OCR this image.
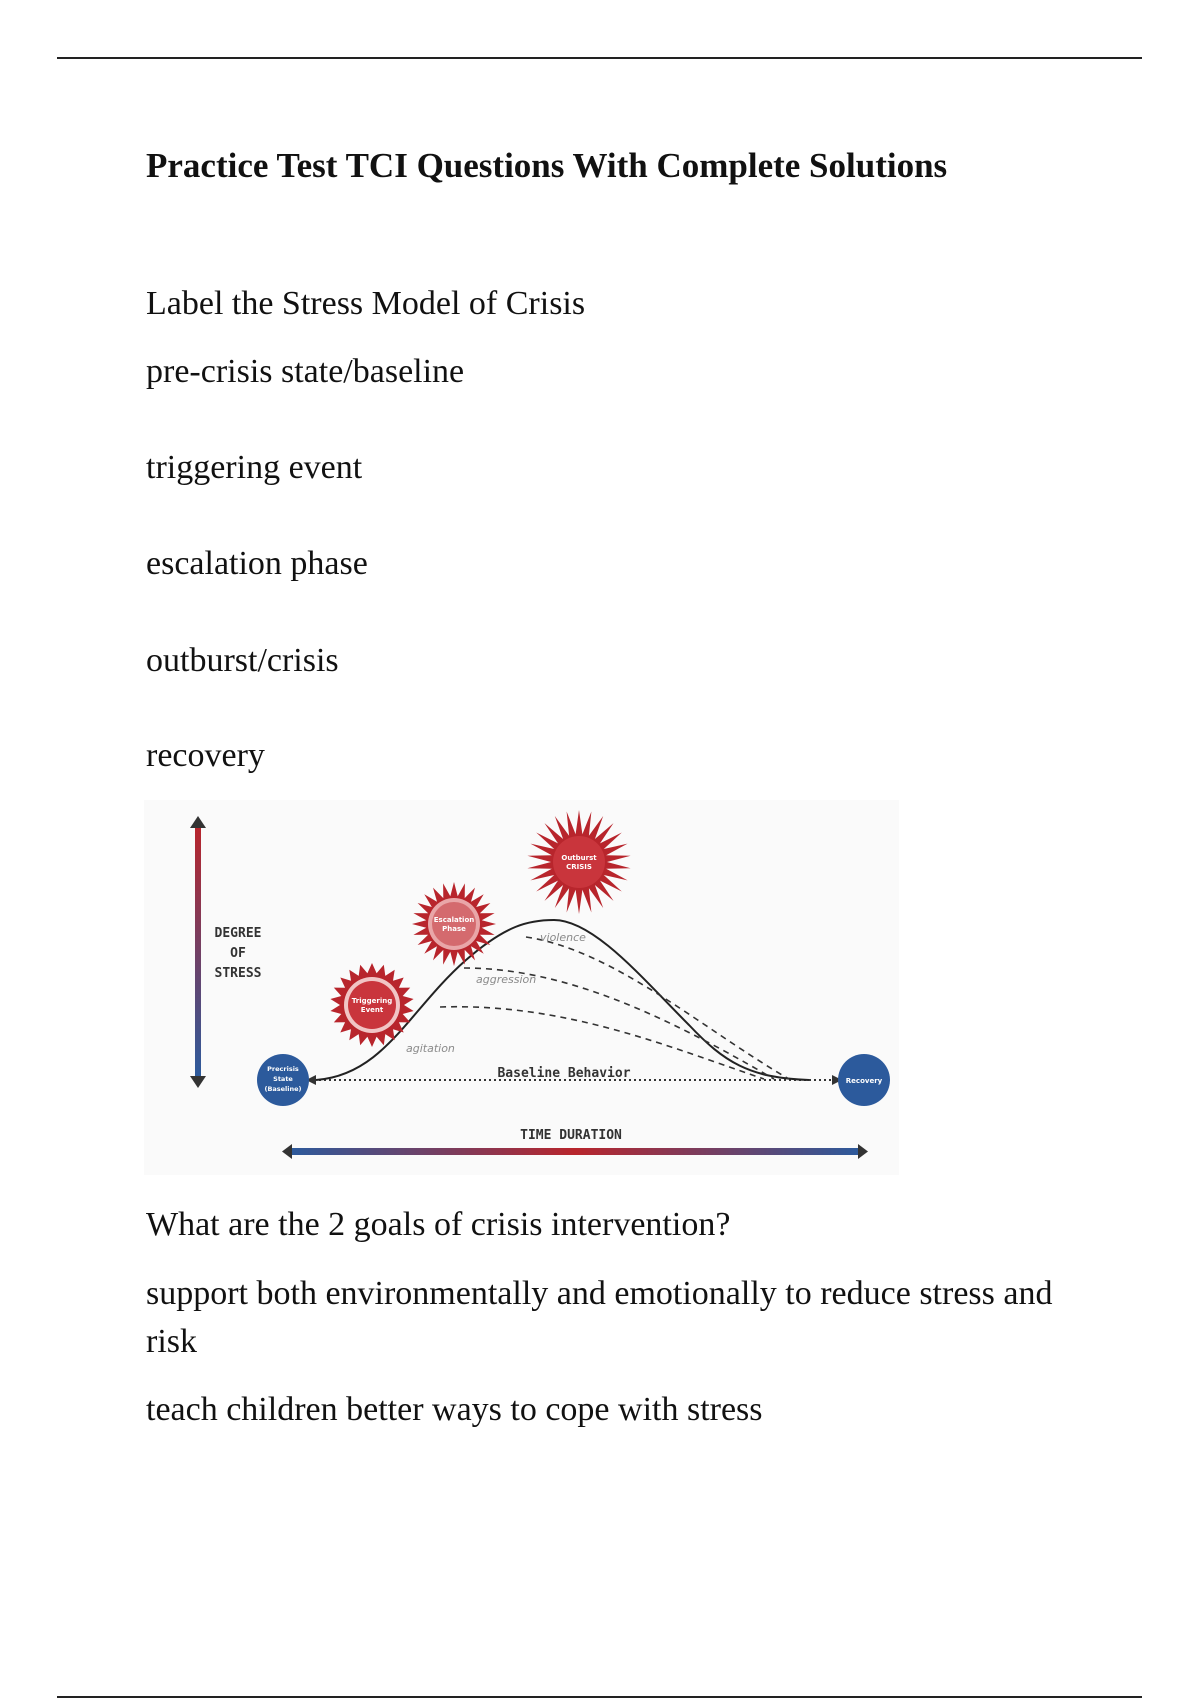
Practice Test TCI Questions With Complete Solutions

Label the Stress Model of Crisis

pre-crisis state/baseline

triggering event

escalation phase

outburst/crisis

recovery

DEGREE
OF
STRESS
Baseline Behavior
violence
aggression
agitation
Triggering
Event
Escalation
Phase
Outburst
CRISIS
Precrisis
State
(Baseline)
Recovery
TIME DURATION

What are the 2 goals of crisis intervention?

support both environmentally and emotionally to reduce stress and risk

teach children better ways to cope with stress
